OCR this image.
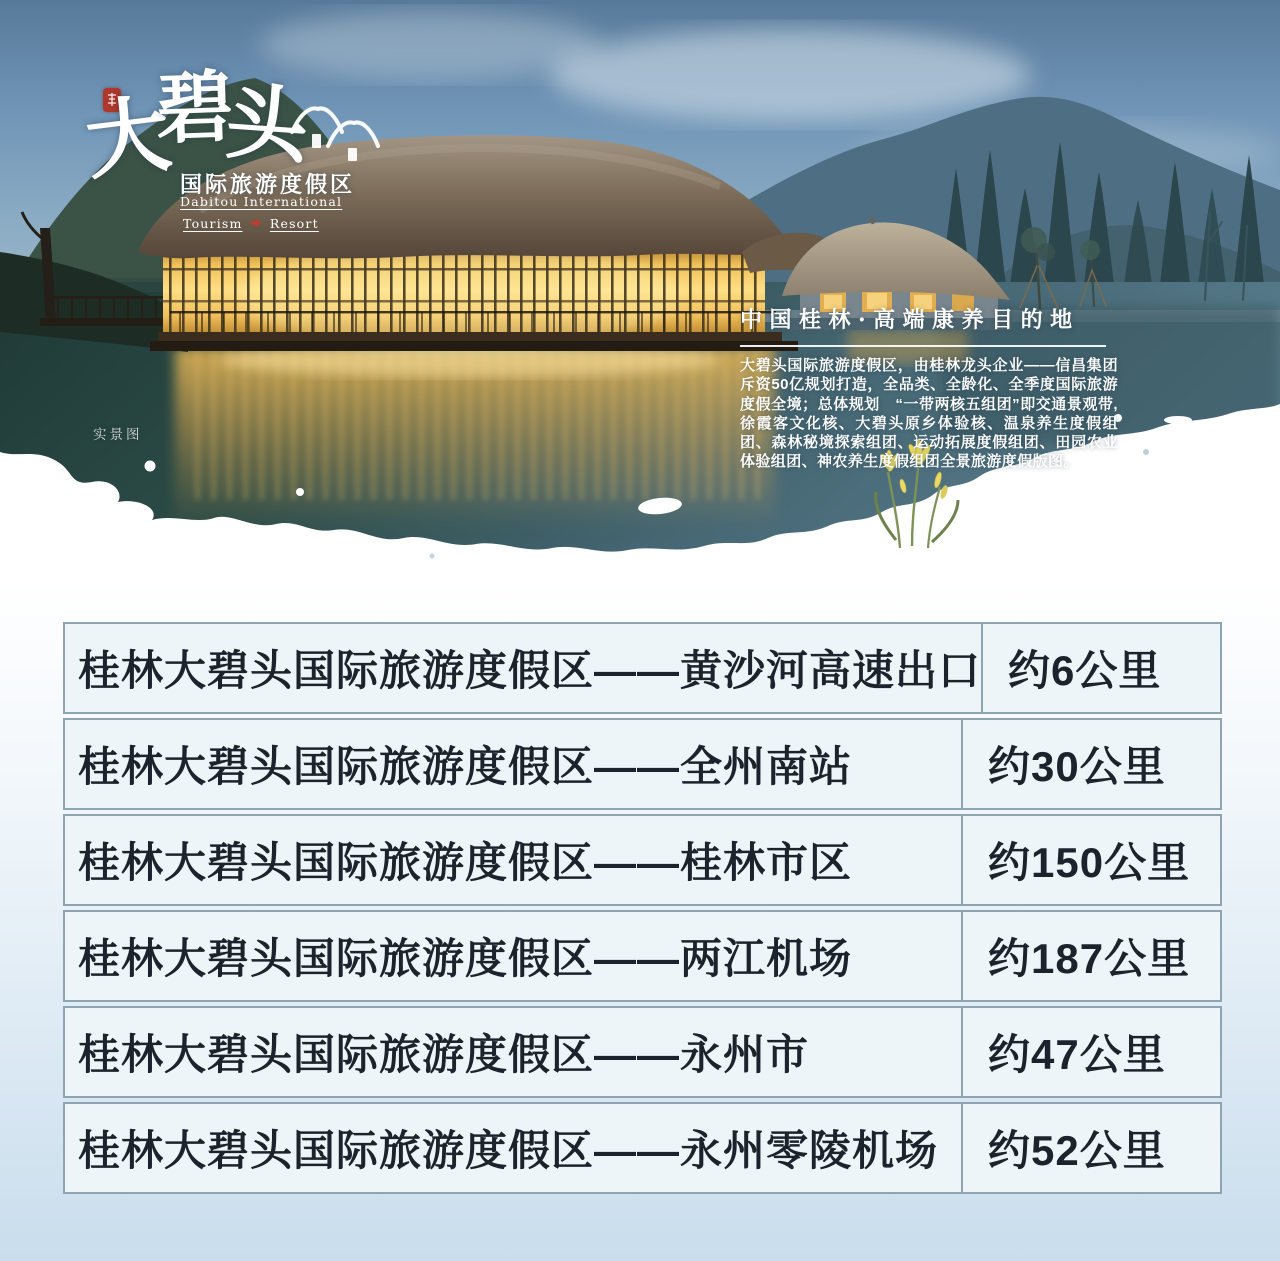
实景图
大
碧
头
国际旅游度假区
Dabitou International
Tourism ❤ Resort
中国桂林·高端康养目的地
大碧头国际旅游度假区，由桂林龙头企业——信昌集团斥资50亿规划打造，全品类、全龄化、全季度国际旅游度假全境；总体规划　“一带两核五组团”即交通景观带,徐霞客文化核、大碧头原乡体验核、温泉养生度假组团、森林秘境探索组团、运动拓展度假组团、田园农业体验组团、神农养生度假组团全景旅游度假版图。
桂林大碧头国际旅游度假区——黄沙河高速出口 约6公里
桂林大碧头国际旅游度假区——全州南站	约30公里
桂林大碧头国际旅游度假区——桂林市区	约150公里
桂林大碧头国际旅游度假区——两江机场	约187公里
桂林大碧头国际旅游度假区——永州市	约47公里
桂林大碧头国际旅游度假区——永州零陵机场 约52公里
